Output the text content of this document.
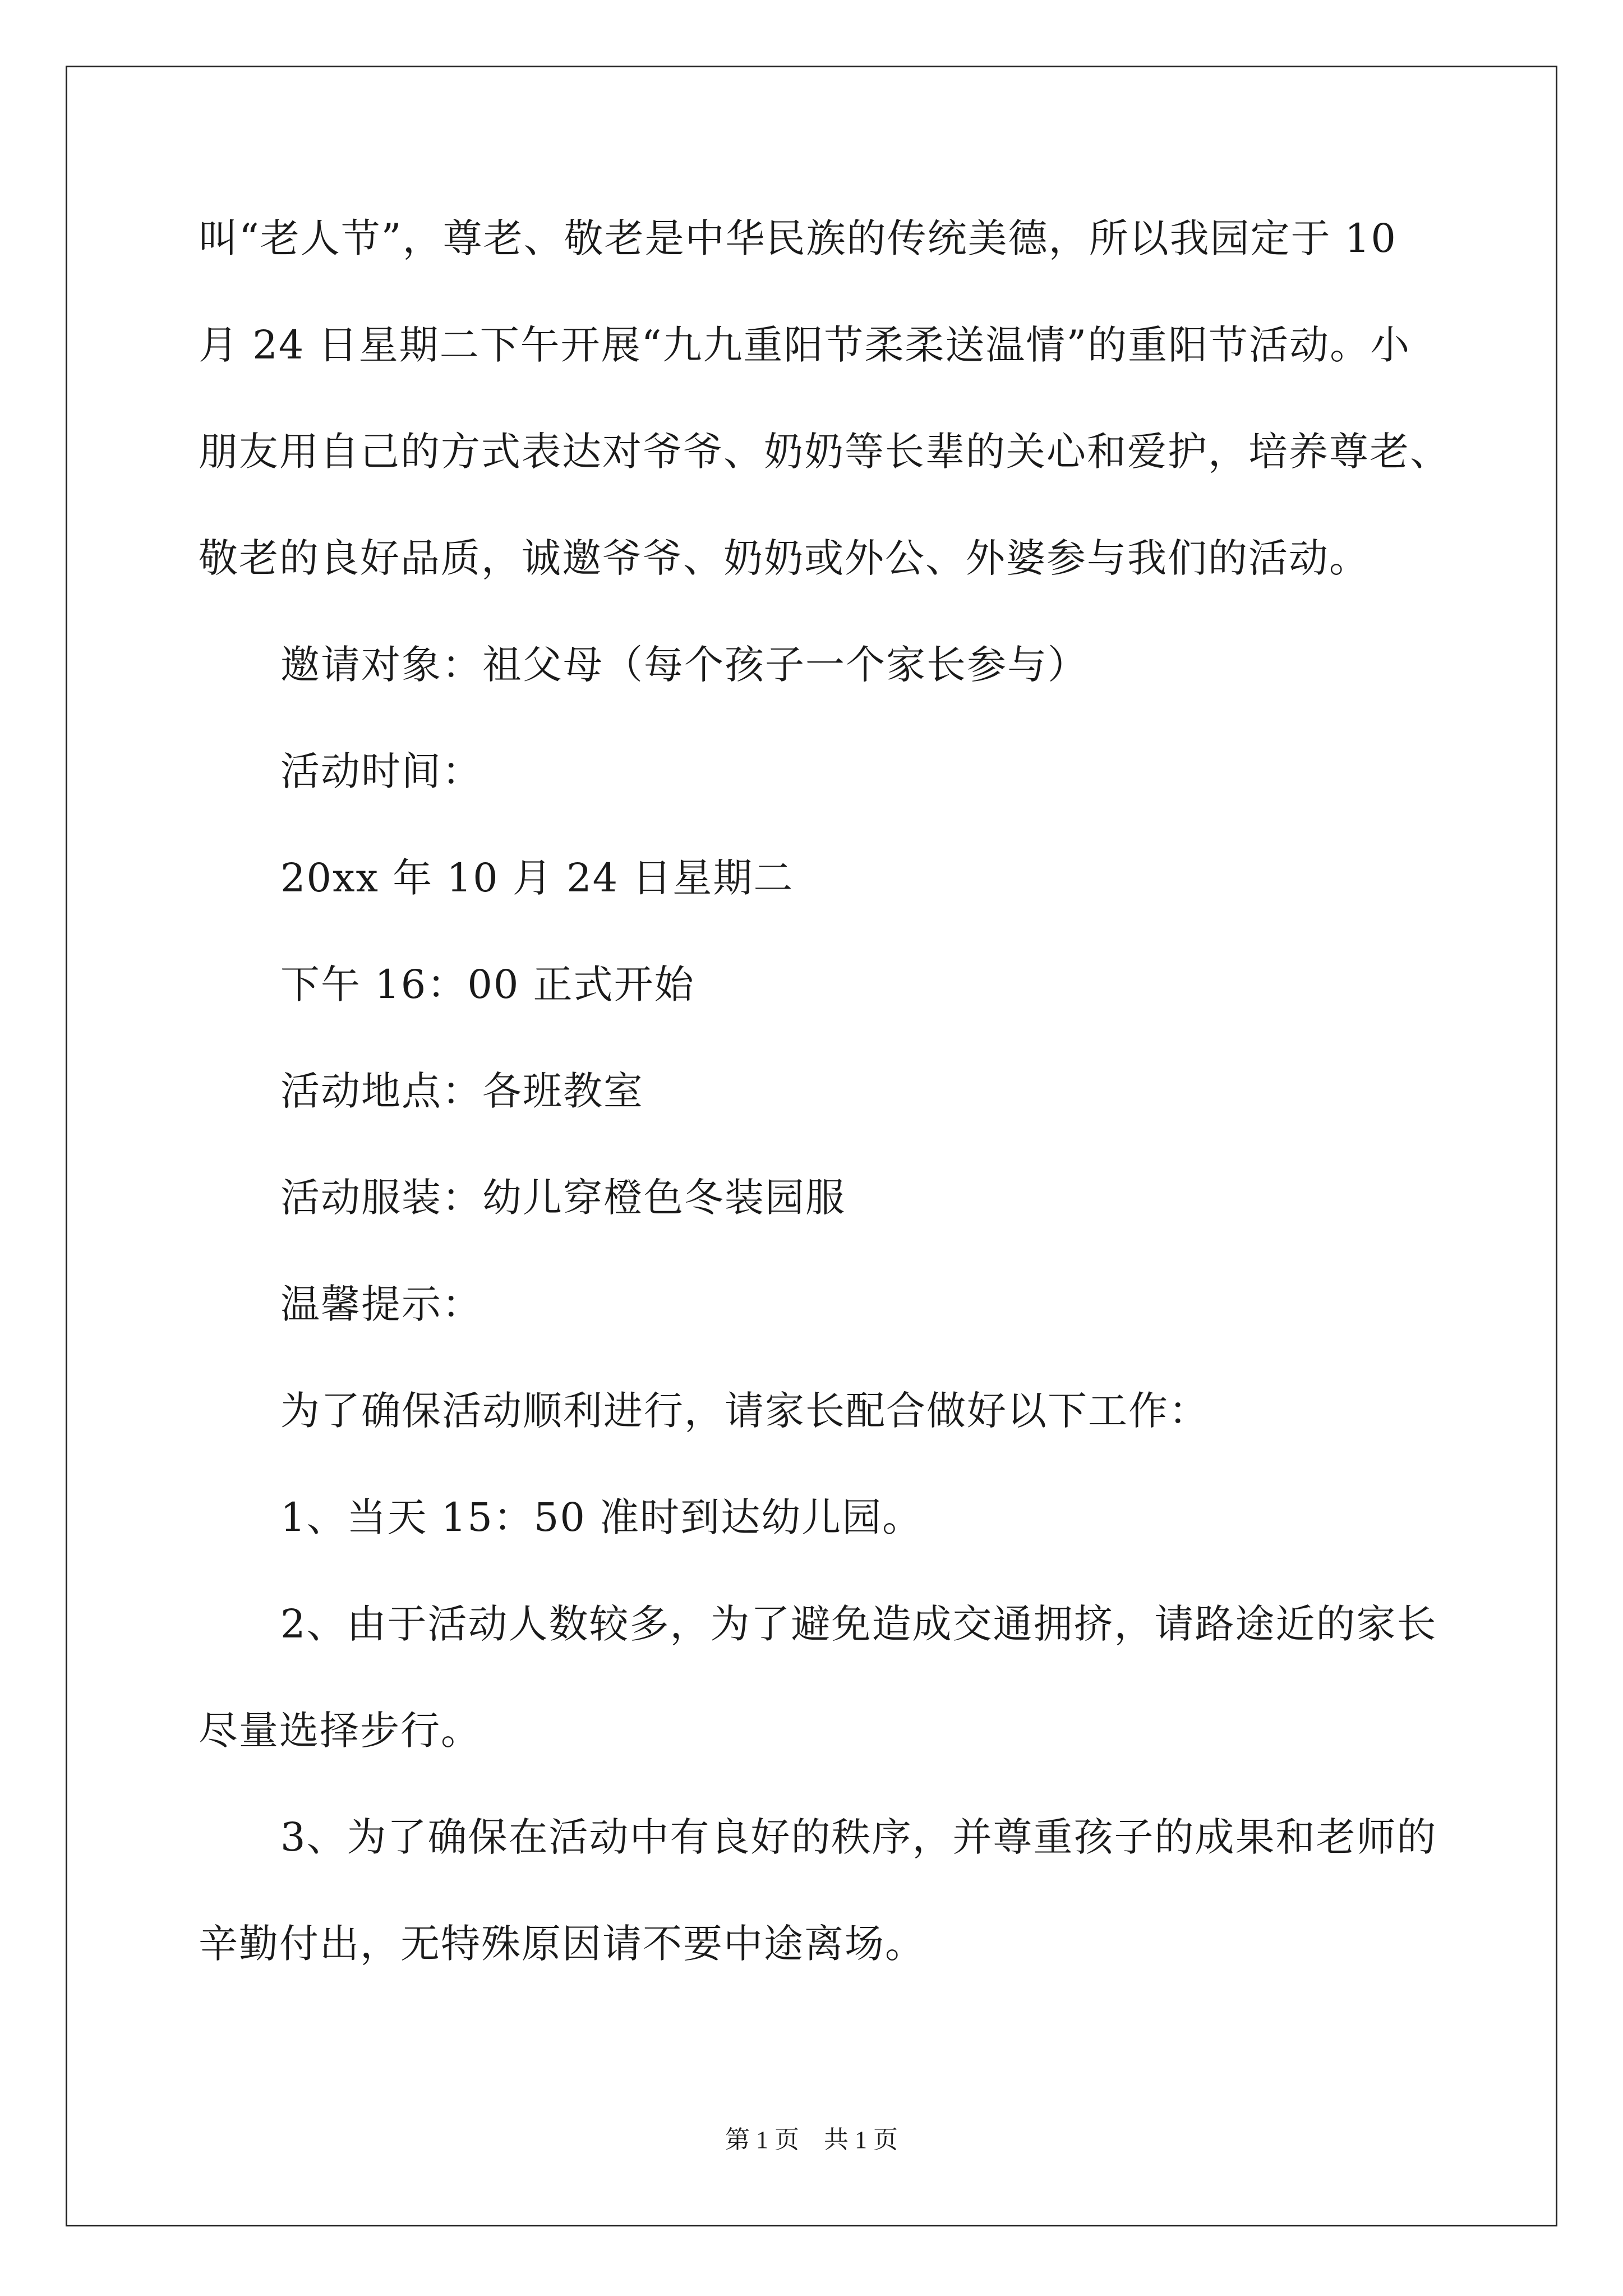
叫“老人节”，尊老、敬老是中华民族的传统美德，所以我园定于 10
月 24 日星期二下午开展“九九重阳节柔柔送温情”的重阳节活动。小
朋友用自己的方式表达对爷爷、奶奶等长辈的关心和爱护，培养尊老、
敬老的良好品质，诚邀爷爷、奶奶或外公、外婆参与我们的活动。
邀请对象：祖父母（每个孩子一个家长参与）
活动时间：
20xx 年 10 月 24 日星期二
下午 16：00 正式开始
活动地点：各班教室
活动服装：幼儿穿橙色冬装园服
温馨提示：
为了确保活动顺利进行，请家长配合做好以下工作：
1、当天 15：50 准时到达幼儿园。
2、由于活动人数较多，为了避免造成交通拥挤，请路途近的家长
尽量选择步行。
3、为了确保在活动中有良好的秩序，并尊重孩子的成果和老师的
辛勤付出，无特殊原因请不要中途离场。
第 1 页　共 1 页
